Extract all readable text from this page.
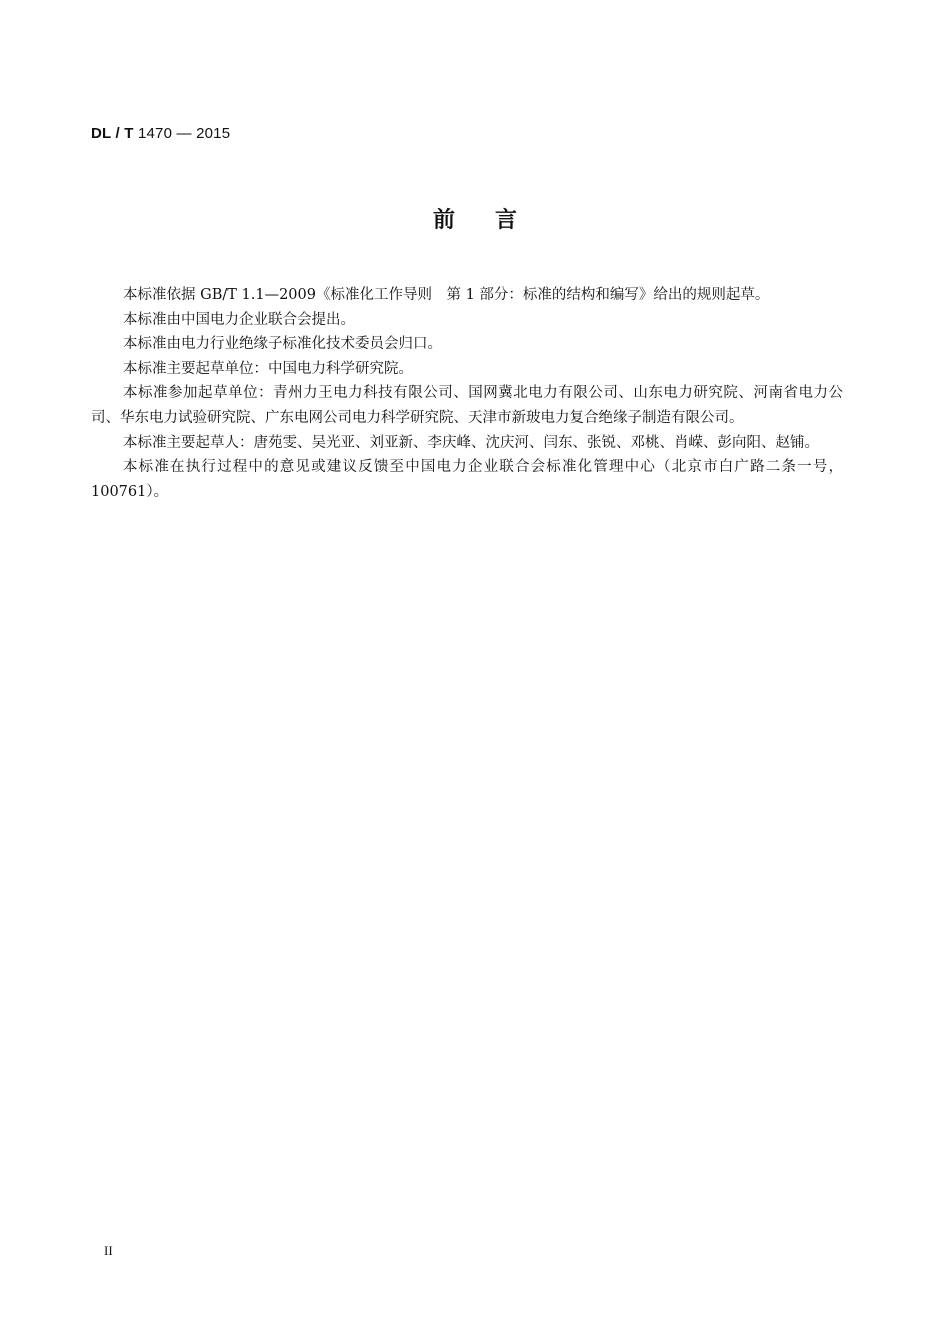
DL / T 1470 — 2015
前言

本标准依据 GB/T 1.1—2009《标准化工作导则　第 1 部分：标准的结构和编写》给出的规则起草。

本标准由中国电力企业联合会提出。

本标准由电力行业绝缘子标准化技术委员会归口。

本标准主要起草单位：中国电力科学研究院。

本标准参加起草单位：青州力王电力科技有限公司、国网冀北电力有限公司、山东电力研究院、河南省电力公司、华东电力试验研究院、广东电网公司电力科学研究院、天津市新玻电力复合绝缘子制造有限公司。

本标准主要起草人：唐苑雯、吴光亚、刘亚新、李庆峰、沈庆河、闫东、张锐、邓桃、肖嵘、彭向阳、赵铺。

本标准在执行过程中的意见或建议反馈至中国电力企业联合会标准化管理中心（北京市白广路二条一号，100761）。

II
